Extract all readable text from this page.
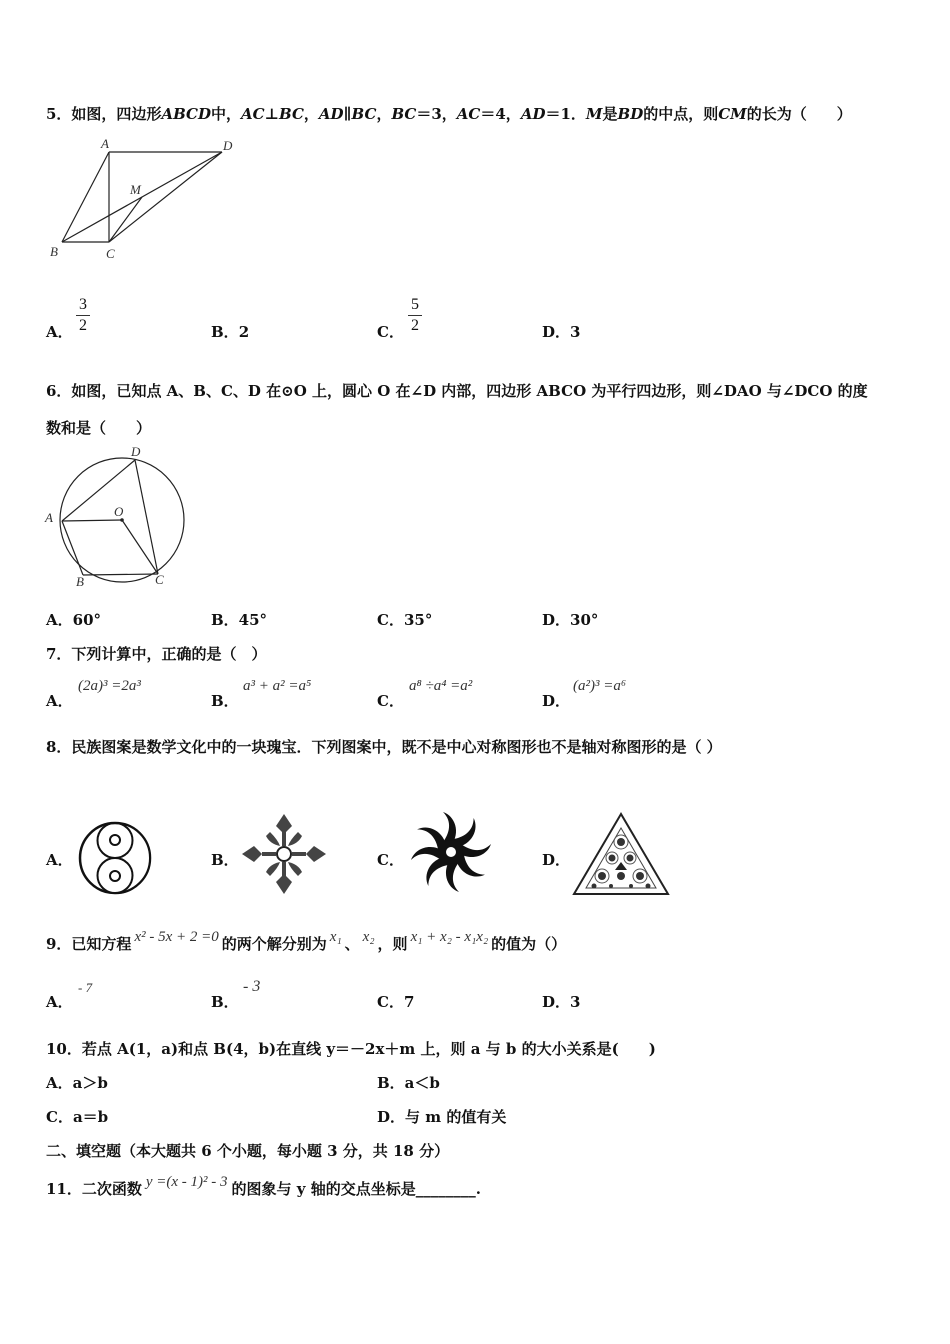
5．如图，四边形ABCD中，AC⊥BC，AD∥BC，BC＝3，AC＝4，AD＝1．M是BD的中点，则CM的长为（　　）
A	D
M
B	C
A．
3
2	B．2	C．
5
2	D．3
6．如图，已知点 A、B、C、D 在⊙O 上，圆心 O 在∠D 内部，四边形 ABCO 为平行四边形，则∠DAO 与∠DCO 的度
数和是（　　）
A
D
O
B	C
A．60°	B．45°	C．35°	D．30°
7．下列计算中，正确的是（　）
A．
(2a)³ =2a³
B．
a³ + a² =a⁵
C．
a⁸ ÷a⁴ =a²
D．
(a²)³ =a⁶
8．民族图案是数学文化中的一块瑰宝．下列图案中，既不是中心对称图形也不是轴对称图形的是（ ）
A．	B．	C．	D．
9．已知方程 x² - 5x + 2 =0 的两个解分别为 x₁ 、 x₂ ，则 x₁ + x₂ - x₁x₂ 的值为（）
A．
- 7
B．
- 3
C．7	D．3
10．若点 A(1，a)和点 B(4，b)在直线 y＝－2x＋m 上，则 a 与 b 的大小关系是(　　)
A．a＞b	B．a＜b
C．a＝b	D．与 m 的值有关
二、填空题（本大题共 6 个小题，每小题 3 分，共 18 分）
11．二次函数 y =(x - 1)² - 3 的图象与 y 轴的交点坐标是________.
